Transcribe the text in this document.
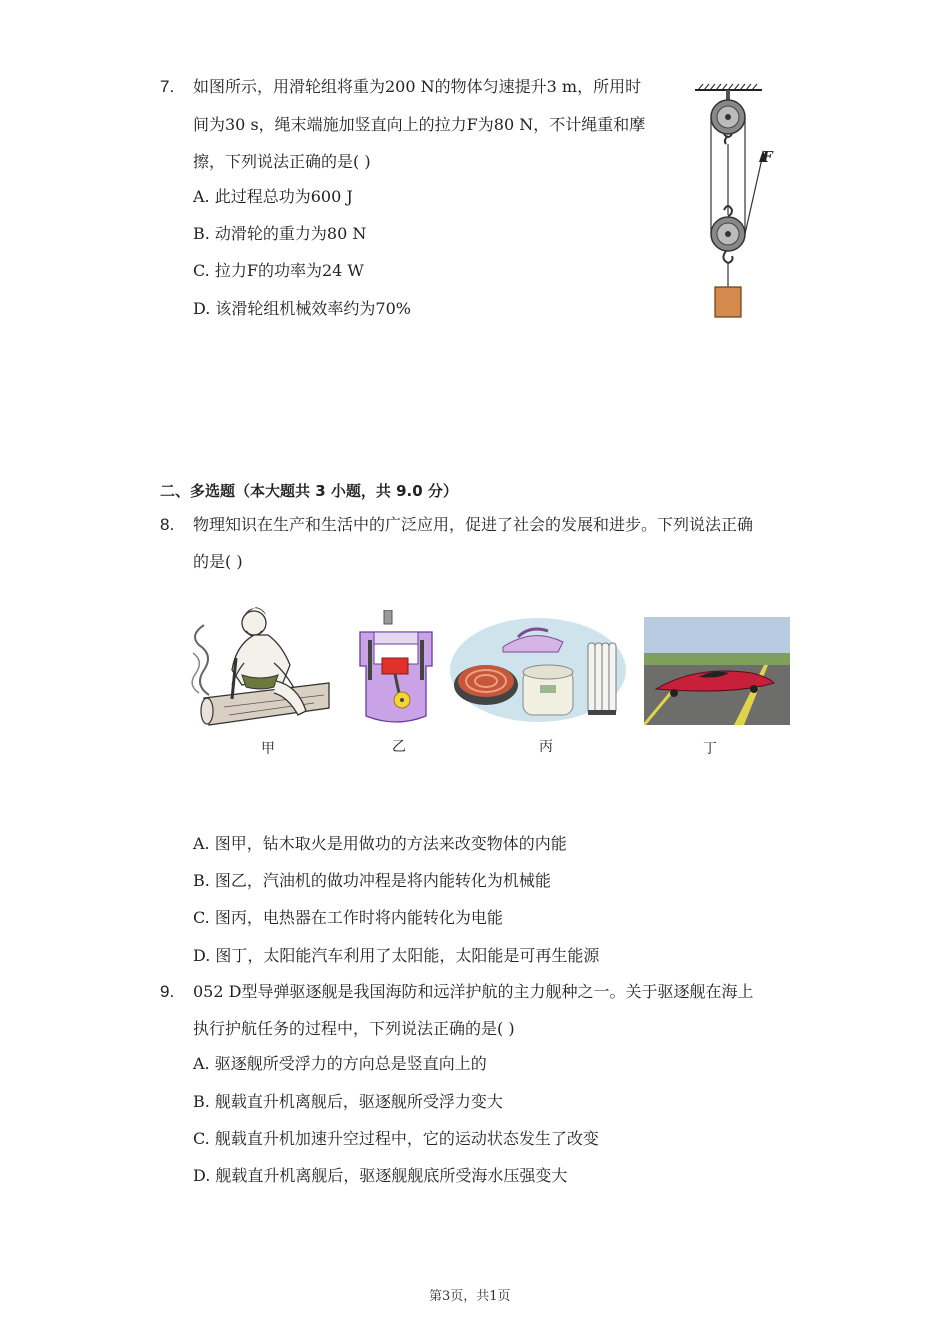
7. 如图所示，用滑轮组将重为200 N的物体匀速提升3 m，所用时
间为30 s，绳末端施加竖直向上的拉力F为80 N，不计绳重和摩
擦，下列说法正确的是( )
A. 此过程总功为600 J
B. 动滑轮的重力为80 N
C. 拉力F的功率为24 W
D. 该滑轮组机械效率约为70%
F
二、多选题（本大题共 3 小题，共 9.0 分）
8. 物理知识在生产和生活中的广泛应用，促进了社会的发展和进步。下列说法正确
的是( )
甲	乙	丙	丁
A. 图甲，钻木取火是用做功的方法来改变物体的内能
B. 图乙，汽油机的做功冲程是将内能转化为机械能
C. 图丙，电热器在工作时将内能转化为电能
D. 图丁，太阳能汽车利用了太阳能，太阳能是可再生能源
9. 052 D型导弹驱逐舰是我国海防和远洋护航的主力舰种之一。关于驱逐舰在海上
执行护航任务的过程中，下列说法正确的是( )
A. 驱逐舰所受浮力的方向总是竖直向上的
B. 舰载直升机离舰后，驱逐舰所受浮力变大
C. 舰载直升机加速升空过程中，它的运动状态发生了改变
D. 舰载直升机离舰后，驱逐舰舰底所受海水压强变大
第3页，共1页
